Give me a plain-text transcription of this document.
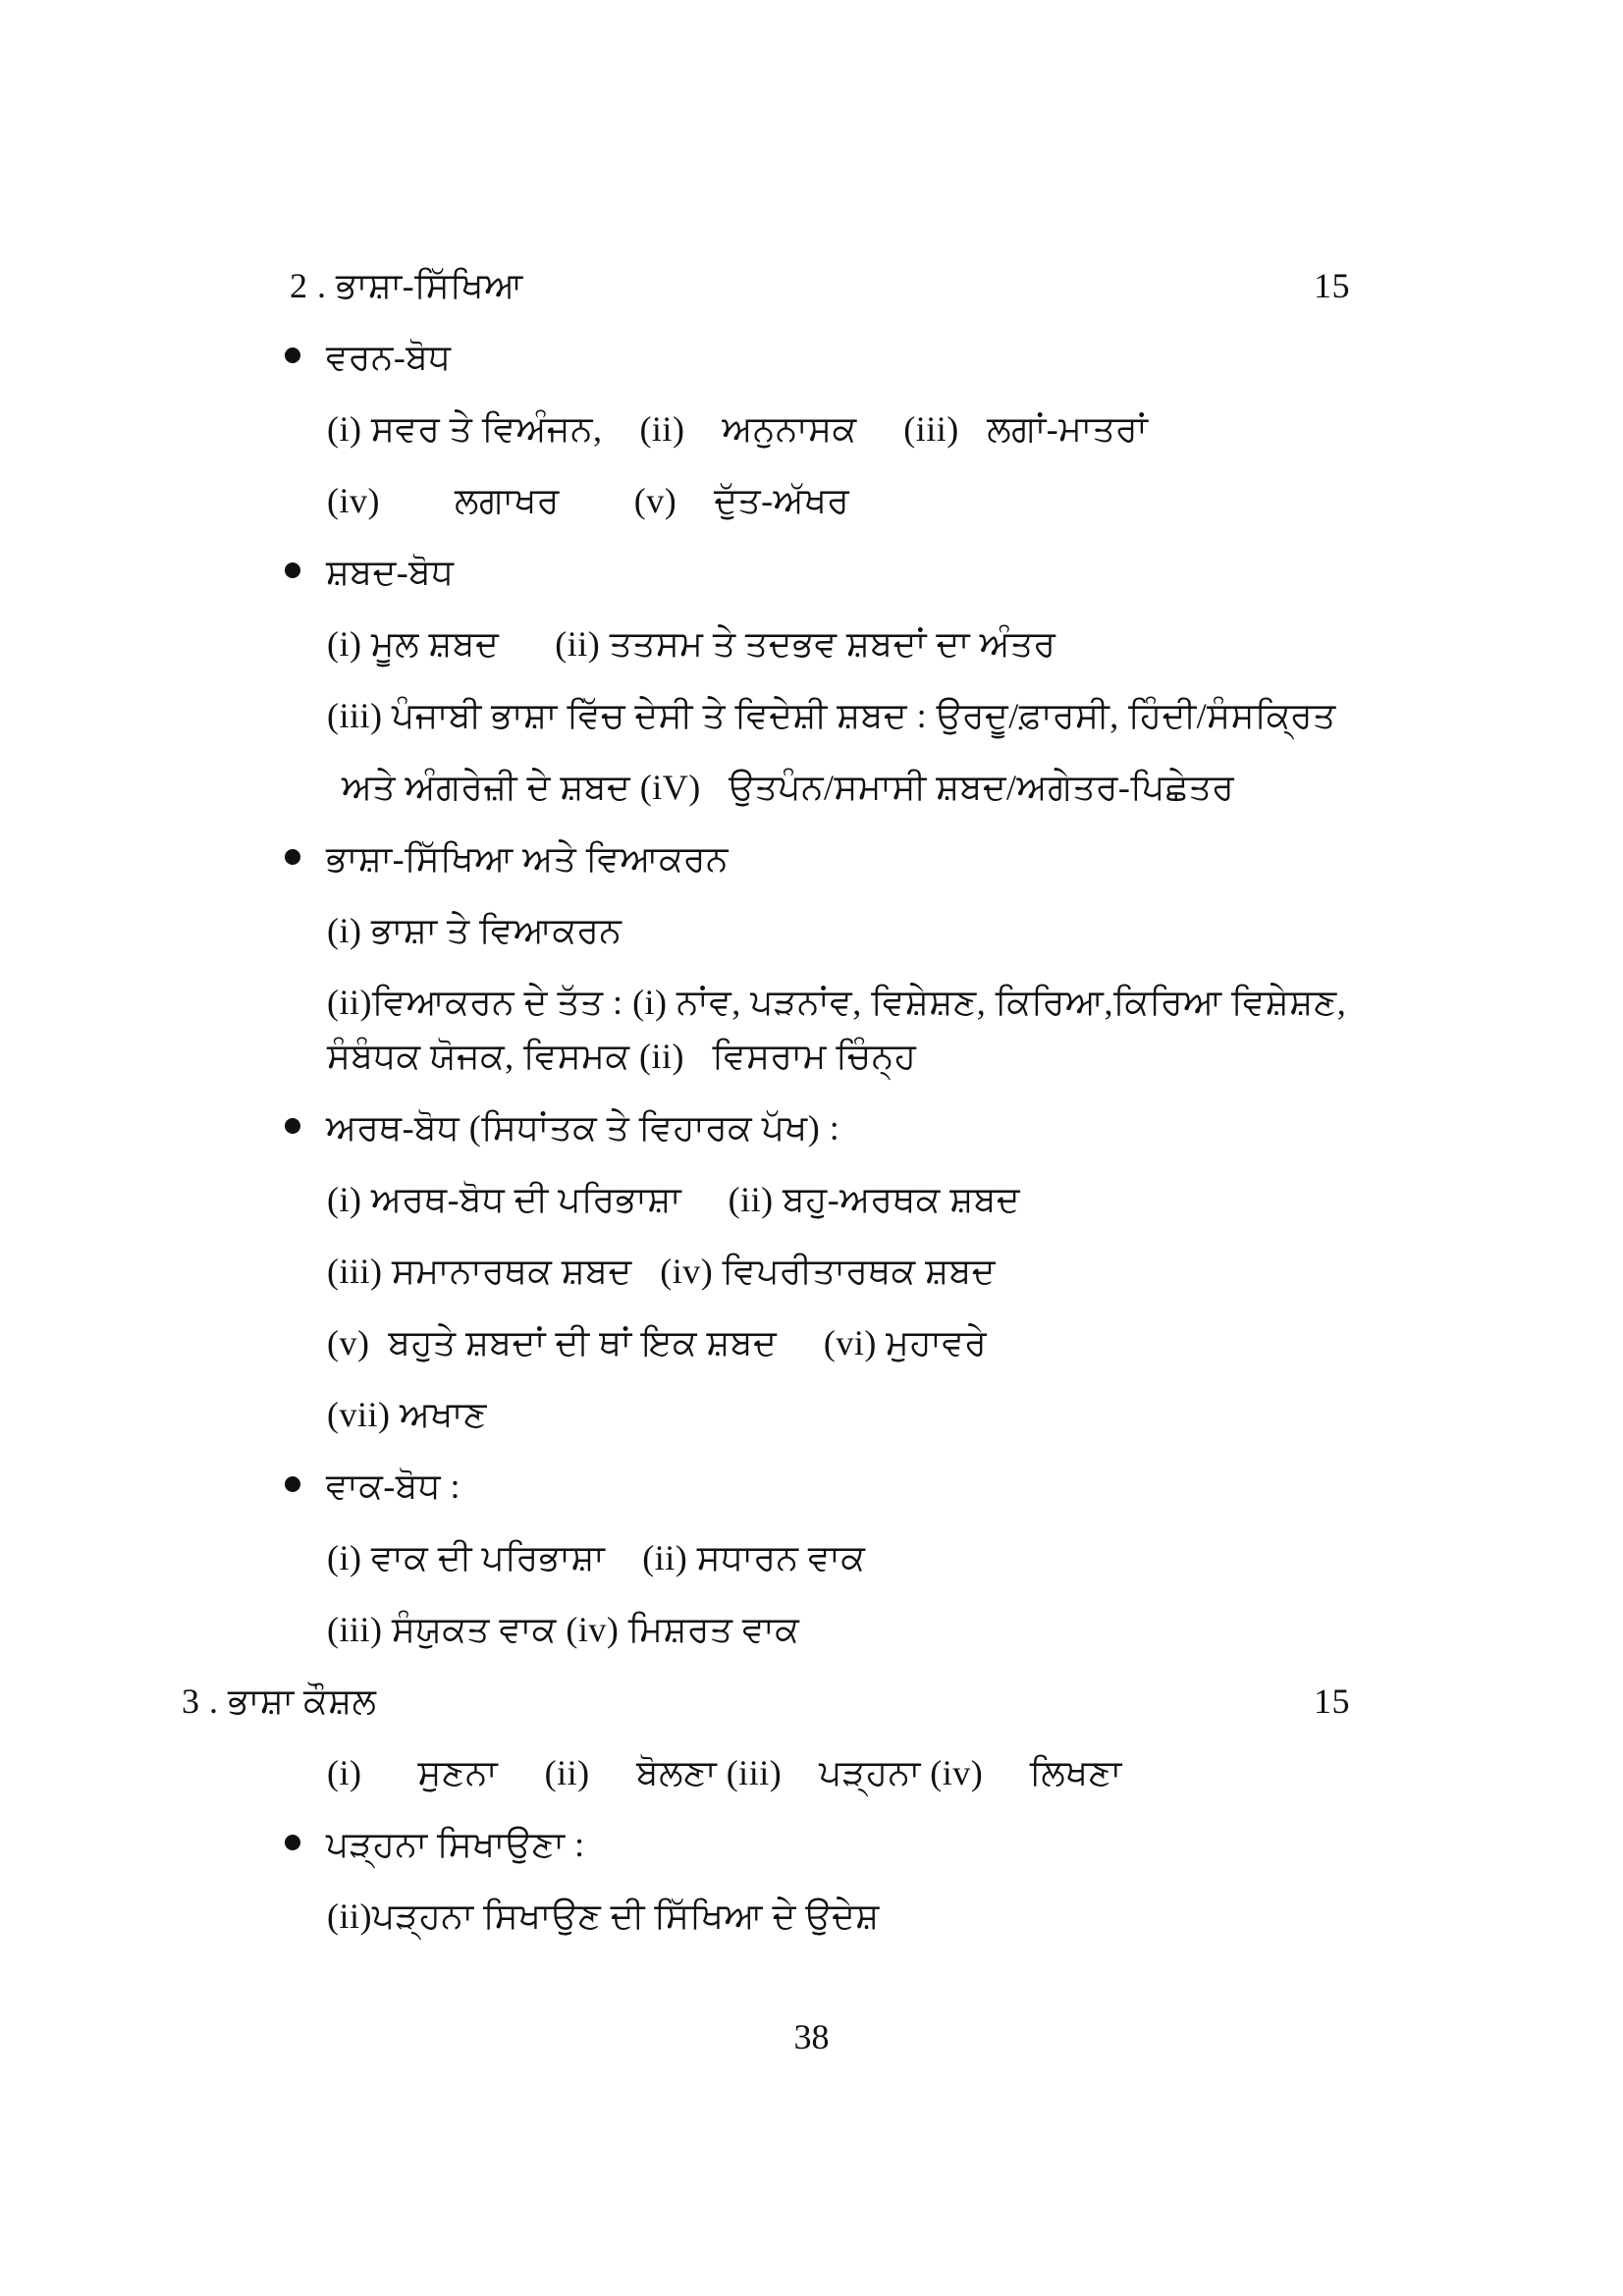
2 . ਭਾਸ਼ਾ-ਸਿੱਖਿਆ	15
ਵਰਨ-ਬੋਧ
(i) ਸਵਰ ਤੇ ਵਿਅੰਜਨ,    (ii)    ਅਨੁਨਾਸਕ     (iii)   ਲਗਾਂ-ਮਾਤਰਾਂ
(iv)        ਲਗਾਖਰ        (v)    ਦੁੱਤ-ਅੱਖਰ
ਸ਼ਬਦ-ਬੋਧ
(i) ਮੂਲ ਸ਼ਬਦ      (ii) ਤਤਸਮ ਤੇ ਤਦਭਵ ਸ਼ਬਦਾਂ ਦਾ ਅੰਤਰ
(iii) ਪੰਜਾਬੀ ਭਾਸ਼ਾ ਵਿੱਚ ਦੇਸੀ ਤੇ ਵਿਦੇਸ਼ੀ ਸ਼ਬਦ : ਉਰਦੂ/ਫ਼ਾਰਸੀ, ਹਿੰਦੀ/ਸੰਸਕ੍ਰਿਤ
ਅਤੇ ਅੰਗਰੇਜ਼ੀ ਦੇ ਸ਼ਬਦ (iV)   ਉਤਪੰਨ/ਸਮਾਸੀ ਸ਼ਬਦ/ਅਗੇਤਰ-ਪਿਛੇਤਰ
ਭਾਸ਼ਾ-ਸਿੱਖਿਆ ਅਤੇ ਵਿਆਕਰਨ
(i) ਭਾਸ਼ਾ ਤੇ ਵਿਆਕਰਨ
(ii)ਵਿਆਕਰਨ ਦੇ ਤੱਤ : (i) ਨਾਂਵ, ਪੜਨਾਂਵ, ਵਿਸ਼ੇਸ਼ਣ, ਕਿਰਿਆ,ਕਿਰਿਆ ਵਿਸ਼ੇਸ਼ਣ,
ਸੰਬੰਧਕ ਯੋਜਕ, ਵਿਸਮਕ (ii)   ਵਿਸਰਾਮ ਚਿੰਨ੍ਹ
ਅਰਥ-ਬੋਧ (ਸਿਧਾਂਤਕ ਤੇ ਵਿਹਾਰਕ ਪੱਖ) :
(i) ਅਰਥ-ਬੋਧ ਦੀ ਪਰਿਭਾਸ਼ਾ     (ii) ਬਹੁ-ਅਰਥਕ ਸ਼ਬਦ
(iii) ਸਮਾਨਾਰਥਕ ਸ਼ਬਦ   (iv) ਵਿਪਰੀਤਾਰਥਕ ਸ਼ਬਦ
(v)  ਬਹੁਤੇ ਸ਼ਬਦਾਂ ਦੀ ਥਾਂ ਇਕ ਸ਼ਬਦ     (vi) ਮੁਹਾਵਰੇ
(vii) ਅਖਾਣ
ਵਾਕ-ਬੋਧ :
(i) ਵਾਕ ਦੀ ਪਰਿਭਾਸ਼ਾ    (ii) ਸਧਾਰਨ ਵਾਕ
(iii) ਸੰਯੁਕਤ ਵਾਕ (iv) ਮਿਸ਼ਰਤ ਵਾਕ
3 . ਭਾਸ਼ਾ ਕੌਸ਼ਲ	15
(i)      ਸੁਣਨਾ     (ii)     ਬੋਲਣਾ (iii)    ਪੜ੍ਹਨਾ (iv)     ਲਿਖਣਾ
ਪੜ੍ਹਨਾ ਸਿਖਾਉਣਾ :
(ii)ਪੜ੍ਹਨਾ ਸਿਖਾਉਣ ਦੀ ਸਿੱਖਿਆ ਦੇ ਉਦੇਸ਼
38
